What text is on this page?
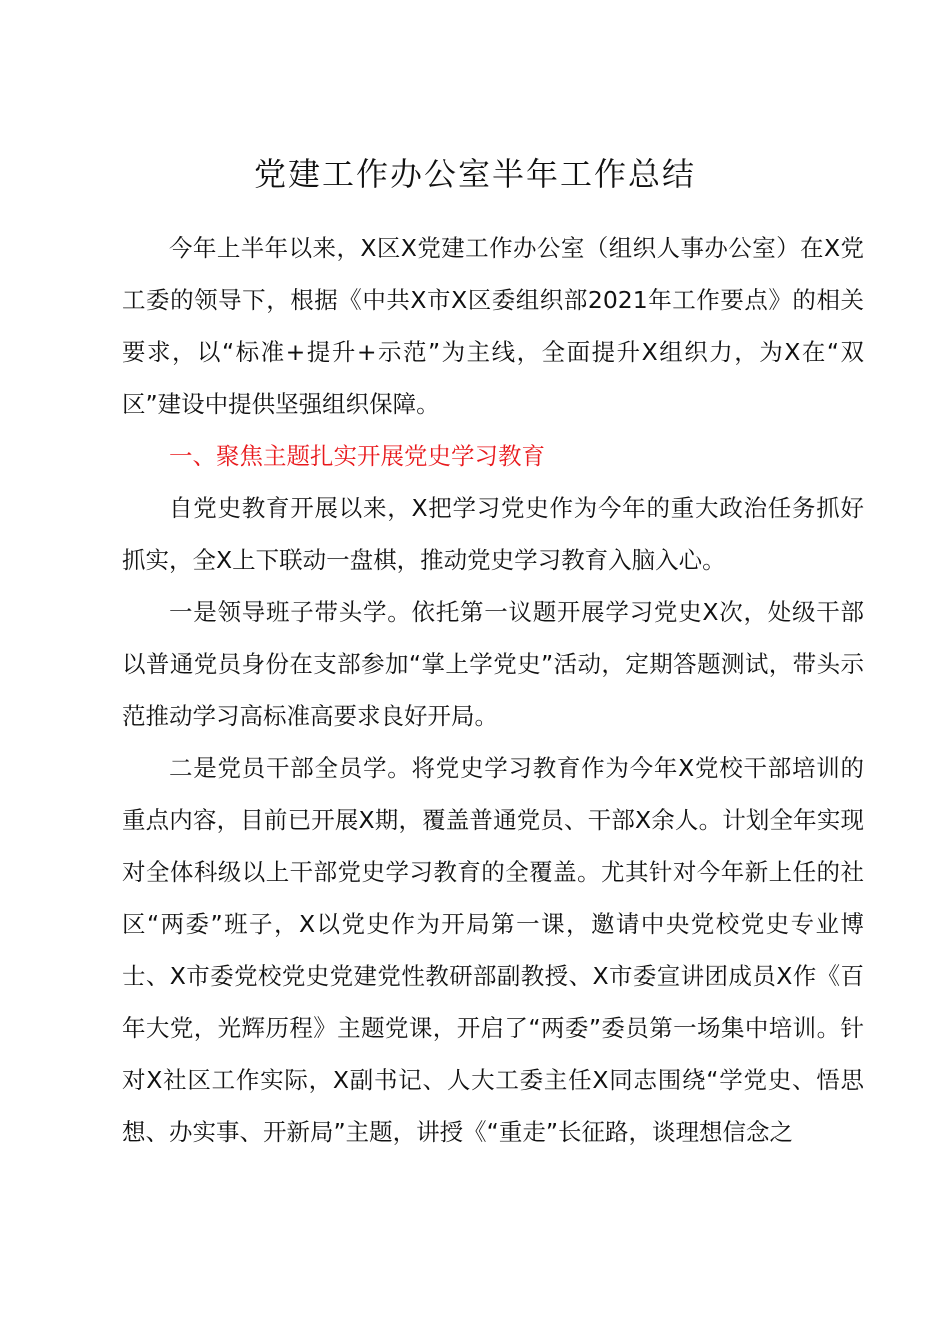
党建工作办公室半年工作总结

今年上半年以来，X区X党建工作办公室（组织人事办公室）在X党工委的领导下，根据《中共X市X区委组织部2021年工作要点》的相关要求，以“标准+提升+示范”为主线，全面提升X组织力，为X在“双区”建设中提供坚强组织保障。

一、聚焦主题扎实开展党史学习教育

自党史教育开展以来，X把学习党史作为今年的重大政治任务抓好抓实，全X上下联动一盘棋，推动党史学习教育入脑入心。

一是领导班子带头学。依托第一议题开展学习党史X次，处级干部以普通党员身份在支部参加“掌上学党史”活动，定期答题测试，带头示范推动学习高标准高要求良好开局。

二是党员干部全员学。将党史学习教育作为今年X党校干部培训的重点内容，目前已开展X期，覆盖普通党员、干部X余人。计划全年实现对全体科级以上干部党史学习教育的全覆盖。尤其针对今年新上任的社区“两委”班子，X以党史作为开局第一课，邀请中央党校党史专业博士、X市委党校党史党建党性教研部副教授、X市委宣讲团成员X作《百年大党，光辉历程》主题党课，开启了“两委”委员第一场集中培训。针对X社区工作实际，X副书记、人大工委主任X同志围绕“学党史、悟思想、办实事、开新局”主题，讲授《“重走”长征路，谈理想信念之
